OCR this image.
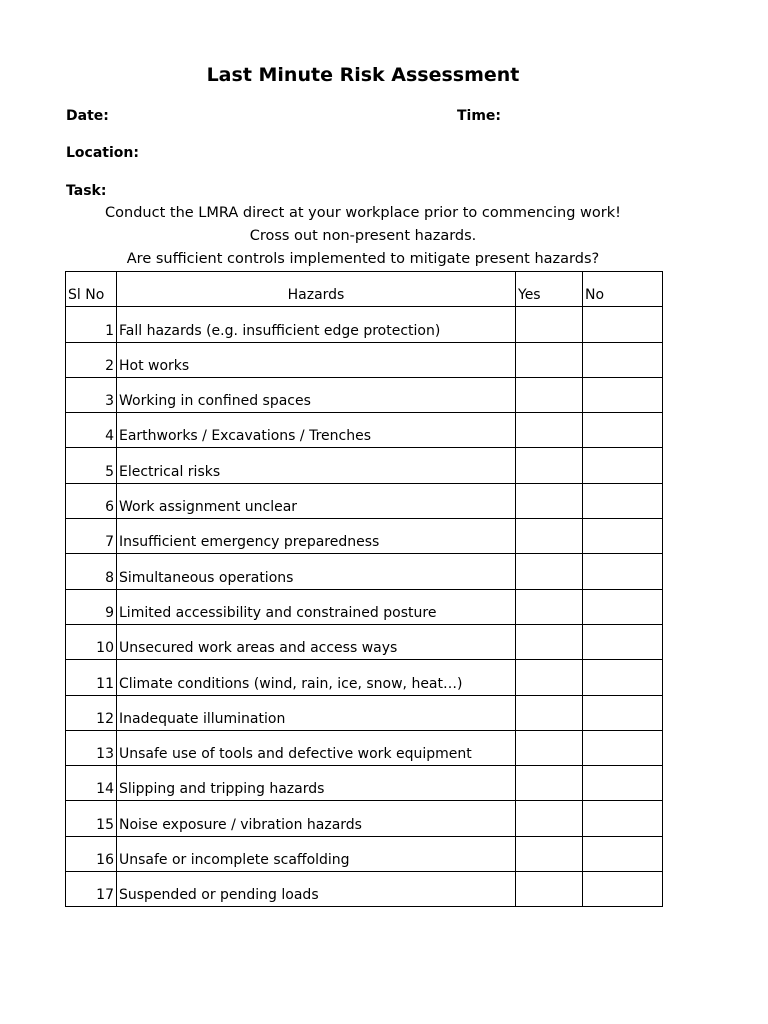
Last Minute Risk Assessment
Date:	Time:
Location:
Task:
Conduct the LMRA direct at your workplace prior to commencing work!
Cross out non-present hazards.
Are sufficient controls implemented to mitigate present hazards?
Sl No	Hazards	Yes	No
1	Fall hazards (e.g. insufficient edge protection)		
2	Hot works		
3	Working in confined spaces		
4	Earthworks / Excavations / Trenches		
5	Electrical risks		
6	Work assignment unclear		
7	Insufficient emergency preparedness		
8	Simultaneous operations		
9	Limited accessibility and constrained posture		
10	Unsecured work areas and access ways		
11	Climate conditions (wind, rain, ice, snow, heat…)		
12	Inadequate illumination		
13	Unsafe use of tools and defective work equipment		
14	Slipping and tripping hazards		
15	Noise exposure / vibration hazards		
16	Unsafe or incomplete scaffolding		
17	Suspended or pending loads		
